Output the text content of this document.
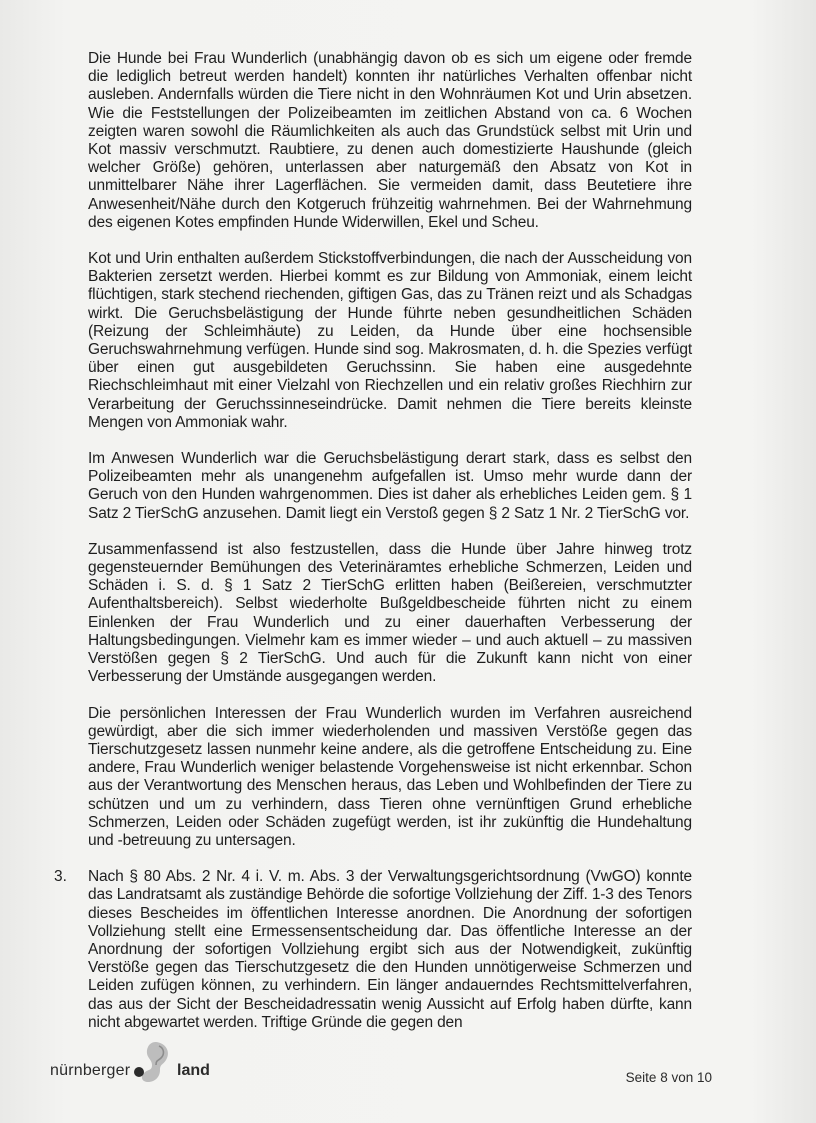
Die Hunde bei Frau Wunderlich (unabhängig davon ob es sich um eigene oder fremde die lediglich betreut werden handelt) konnten ihr natürliches Verhalten offenbar nicht ausleben. Andernfalls würden die Tiere nicht in den Wohnräumen Kot und Urin absetzen. Wie die Feststellungen der Polizeibeamten im zeitlichen Abstand von ca. 6 Wochen zeigten waren sowohl die Räumlichkeiten als auch das Grundstück selbst mit Urin und Kot massiv verschmutzt. Raubtiere, zu denen auch domestizierte Haushunde (gleich welcher Größe) gehören, unterlassen aber naturgemäß den Absatz von Kot in unmittelbarer Nähe ihrer Lagerflächen. Sie vermeiden damit, dass Beutetiere ihre Anwesenheit/Nähe durch den Kotgeruch frühzeitig wahrnehmen. Bei der Wahrnehmung des eigenen Kotes empfinden Hunde Widerwillen, Ekel und Scheu.

Kot und Urin enthalten außerdem Stickstoffverbindungen, die nach der Ausscheidung von Bakterien zersetzt werden. Hierbei kommt es zur Bildung von Ammoniak, einem leicht flüchtigen, stark stechend riechenden, giftigen Gas, das zu Tränen reizt und als Schadgas wirkt. Die Geruchsbelästigung der Hunde führte neben gesundheitlichen Schäden (Reizung der Schleimhäute) zu Leiden, da Hunde über eine hochsensible Geruchswahrnehmung verfügen. Hunde sind sog. Makrosmaten, d. h. die Spezies verfügt über einen gut ausgebildeten Geruchssinn. Sie haben eine ausgedehnte Riechschleimhaut mit einer Vielzahl von Riechzellen und ein relativ großes Riechhirn zur Verarbeitung der Geruchssinneseindrücke. Damit nehmen die Tiere bereits kleinste Mengen von Ammoniak wahr.

Im Anwesen Wunderlich war die Geruchsbelästigung derart stark, dass es selbst den Polizeibeamten mehr als unangenehm aufgefallen ist. Umso mehr wurde dann der Geruch von den Hunden wahrgenommen. Dies ist daher als erhebliches Leiden gem. § 1 Satz 2 TierSchG anzusehen. Damit liegt ein Verstoß gegen § 2 Satz 1 Nr. 2 TierSchG vor.

Zusammenfassend ist also festzustellen, dass die Hunde über Jahre hinweg trotz gegensteuernder Bemühungen des Veterinäramtes erhebliche Schmerzen, Leiden und Schäden i. S. d. § 1 Satz 2 TierSchG erlitten haben (Beißereien, verschmutzter Aufenthaltsbereich). Selbst wiederholte Bußgeldbescheide führten nicht zu einem Einlenken der Frau Wunderlich und zu einer dauerhaften Verbesserung der Haltungsbedingungen. Vielmehr kam es immer wieder – und auch aktuell – zu massiven Verstößen gegen § 2 TierSchG. Und auch für die Zukunft kann nicht von einer Verbesserung der Umstände ausgegangen werden.

Die persönlichen Interessen der Frau Wunderlich wurden im Verfahren ausreichend gewürdigt, aber die sich immer wiederholenden und massiven Verstöße gegen das Tierschutzgesetz lassen nunmehr keine andere, als die getroffene Entscheidung zu. Eine andere, Frau Wunderlich weniger belastende Vorgehensweise ist nicht erkennbar. Schon aus der Verantwortung des Menschen heraus, das Leben und Wohlbefinden der Tiere zu schützen und um zu verhindern, dass Tieren ohne vernünftigen Grund erhebliche Schmerzen, Leiden oder Schäden zugefügt werden, ist ihr zukünftig die Hundehaltung und -betreuung zu untersagen.

3. Nach § 80 Abs. 2 Nr. 4 i. V. m. Abs. 3 der Verwaltungsgerichtsordnung (VwGO) konnte das Landratsamt als zuständige Behörde die sofortige Vollziehung der Ziff. 1-3 des Tenors dieses Bescheides im öffentlichen Interesse anordnen. Die Anordnung der sofortigen Vollziehung stellt eine Ermessensentscheidung dar. Das öffentliche Interesse an der Anordnung der sofortigen Vollziehung ergibt sich aus der Notwendigkeit, zukünftig Verstöße gegen das Tierschutzgesetz die den Hunden unnötigerweise Schmerzen und Leiden zufügen können, zu verhindern. Ein länger andauerndes Rechtsmittelverfahren, das aus der Sicht der Bescheidadressatin wenig Aussicht auf Erfolg haben dürfte, kann nicht abgewartet werden. Triftige Gründe die gegen den

nürnberger	land	Seite 8 von 10
